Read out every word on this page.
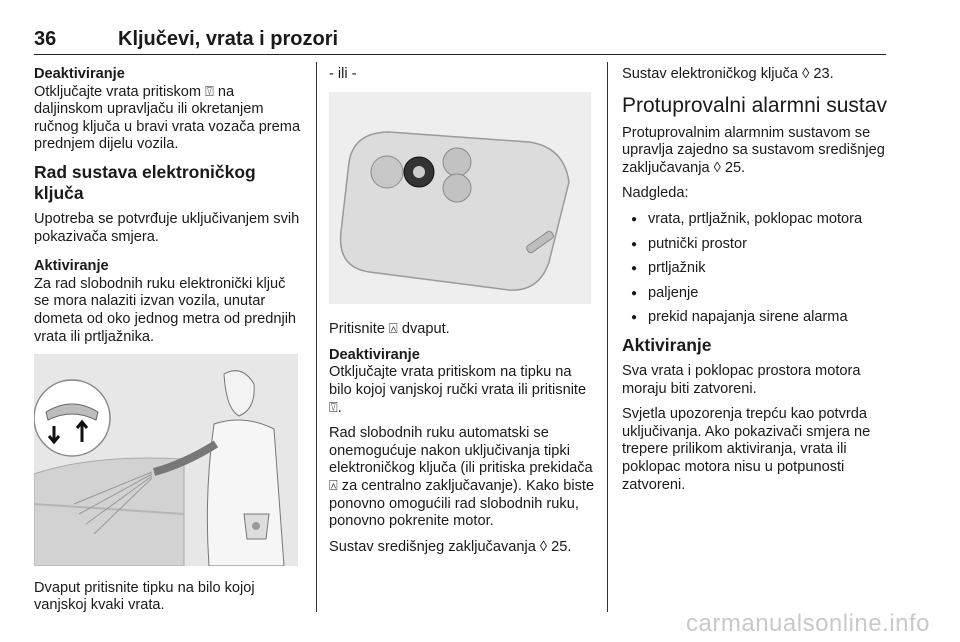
36	Ključevi, vrata i prozori
Deaktiviranje

Otključajte vrata pritiskom ⍔ na daljinskom upravljaču ili okretanjem ručnog ključa u bravi vrata vozača prema prednjem dijelu vozila.

Rad sustava elektroničkog ključa

Upotreba se potvrđuje uključivanjem svih pokazivača smjera.

Aktiviranje

Za rad slobodnih ruku elektronički ključ se mora nalaziti izvan vozila, unutar dometa od oko jednog metra od prednjih vrata ili prtljažnika.

Dvaput pritisnite tipku na bilo kojoj vanjskoj kvaki vrata.

- ili -

Pritisnite ⍓ dvaput.

Deaktiviranje

Otključajte vrata pritiskom na tipku na bilo kojoj vanjskoj ručki vrata ili pritisnite ⍔.

Rad slobodnih ruku automatski se onemogućuje nakon uključivanja tipki elektroničkog ključa (ili pritiska prekidača ⍓ za centralno zaključavanje). Kako biste ponovno omogućili rad slobodnih ruku, ponovno pokrenite motor.

Sustav središnjeg zaključavanja ◊ 25.

Sustav elektroničkog ključa ◊ 23.

Protuprovalni alarmni sustav

Protuprovalnim alarmnim sustavom se upravlja zajedno sa sustavom središnjeg zaključavanja ◊ 25.

Nadgleda:

● vrata, prtljažnik, poklopac motora
● putnički prostor
● prtljažnik
● paljenje
● prekid napajanja sirene alarma
Aktiviranje

Sva vrata i poklopac prostora motora moraju biti zatvoreni.

Svjetla upozorenja trepću kao potvrda uključivanja. Ako pokazivači smjera ne trepere prilikom aktiviranja, vrata ili poklopac motora nisu u potpunosti zatvoreni.

carmanualsonline.info
